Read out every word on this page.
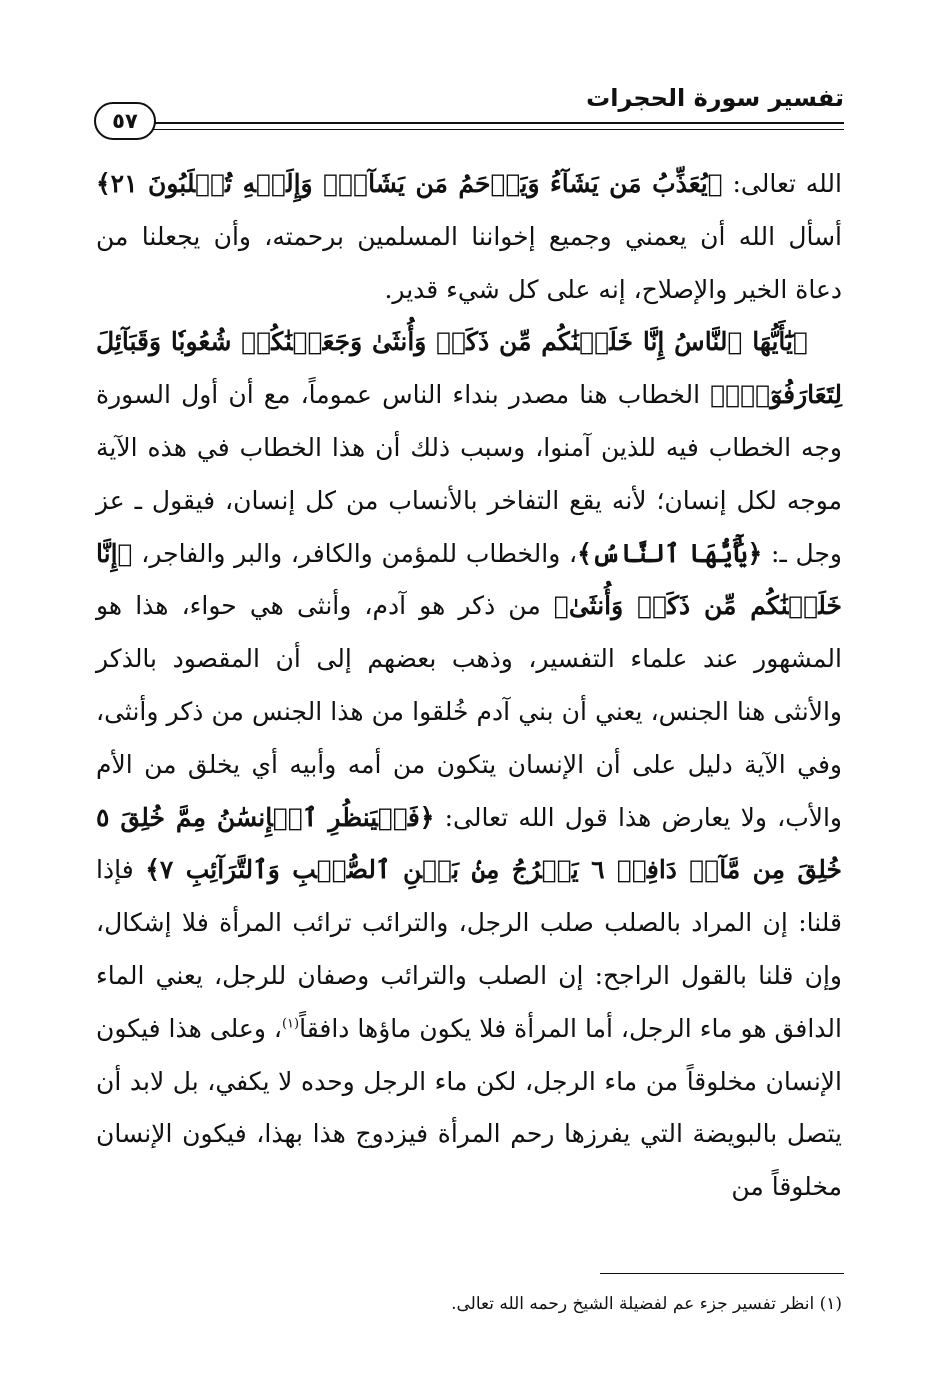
تفسير سورة الحجرات
٥٧

الله تعالى: ﴿يُعَذِّبُ مَن يَشَآءُ وَيَرۡحَمُ مَن يَشَآءُۖ وَإِلَيۡهِ تُقۡلَبُونَ ٢١﴾ أسأل الله أن يعمني وجميع إخواننا المسلمين برحمته، وأن يجعلنا من دعاة الخير والإصلاح، إنه على كل شيء قدير.

﴿يَٰٓأَيُّهَا ٱلنَّاسُ إِنَّا خَلَقۡنَٰكُم مِّن ذَكَرٖ وَأُنثَىٰ وَجَعَلۡنَٰكُمۡ شُعُوبٗا وَقَبَآئِلَ لِتَعَارَفُوٓاْۚ﴾ الخطاب هنا مصدر بنداء الناس عموماً، مع أن أول السورة وجه الخطاب فيه للذين آمنوا، وسبب ذلك أن هذا الخطاب في هذه الآية موجه لكل إنسان؛ لأنه يقع التفاخر بالأنساب من كل إنسان، فيقول ـ عز وجل ـ: ﴿يَٰٓأَيُّهَا ٱلنَّاسُ﴾، والخطاب للمؤمن والكافر، والبر والفاجر، ﴿إِنَّا خَلَقۡنَٰكُم مِّن ذَكَرٖ وَأُنثَىٰ﴾ من ذكر هو آدم، وأنثى هي حواء، هذا هو المشهور عند علماء التفسير، وذهب بعضهم إلى أن المقصود بالذكر والأنثى هنا الجنس، يعني أن بني آدم خُلقوا من هذا الجنس من ذكر وأنثى، وفي الآية دليل على أن الإنسان يتكون من أمه وأبيه أي يخلق من الأم والأب، ولا يعارض هذا قول الله تعالى: ﴿فَلۡيَنظُرِ ٱلۡإِنسَٰنُ مِمَّ خُلِقَ ٥ خُلِقَ مِن مَّآءٖ دَافِقٖ ٦ يَخۡرُجُ مِنۢ بَيۡنِ ٱلصُّلۡبِ وَٱلتَّرَآئِبِ ٧﴾ فإذا قلنا: إن المراد بالصلب صلب الرجل، والترائب ترائب المرأة فلا إشكال، وإن قلنا بالقول الراجح: إن الصلب والترائب وصفان للرجل، يعني الماء الدافق هو ماء الرجل، أما المرأة فلا يكون ماؤها دافقاً$^{(١)}$، وعلى هذا فيكون الإنسان مخلوقاً من ماء الرجل، لكن ماء الرجل وحده لا يكفي، بل لابد أن يتصل بالبويضة التي يفرزها رحم المرأة فيزدوج هذا بهذا، فيكون الإنسان مخلوقاً من

(١) انظر تفسير جزء عم لفضيلة الشيخ رحمه الله تعالى.
